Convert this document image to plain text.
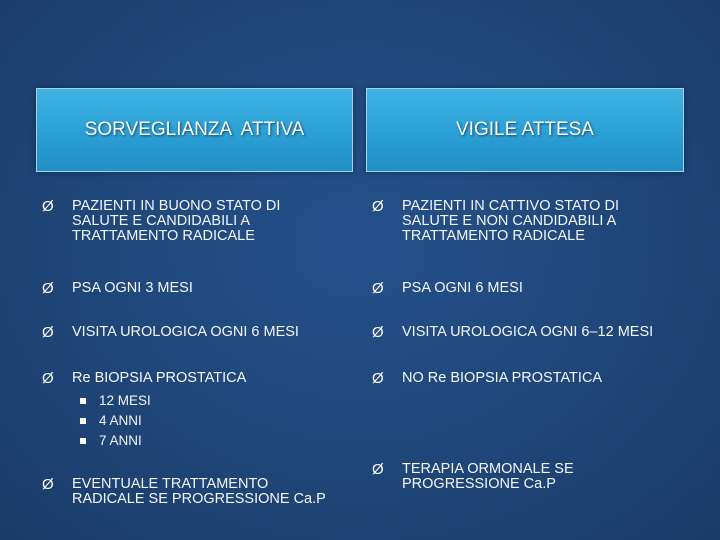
SORVEGLIANZA  ATTIVA	VIGILE ATTESA
Ø	PAZIENTI IN BUONO STATO DI
SALUTE E CANDIDABILI A
TRATTAMENTO RADICALE
Ø	PSA OGNI 3 MESI
Ø	VISITA UROLOGICA OGNI 6 MESI
Ø	Re BIOPSIA PROSTATICA
12 MESI
4 ANNI
7 ANNI
Ø	EVENTUALE TRATTAMENTO
RADICALE SE PROGRESSIONE Ca.P
Ø	PAZIENTI IN CATTIVO STATO DI
SALUTE E NON CANDIDABILI A
TRATTAMENTO RADICALE
Ø	PSA OGNI 6 MESI
Ø	VISITA UROLOGICA OGNI 6–12 MESI
Ø	NO Re BIOPSIA PROSTATICA
Ø	TERAPIA ORMONALE SE
PROGRESSIONE Ca.P
